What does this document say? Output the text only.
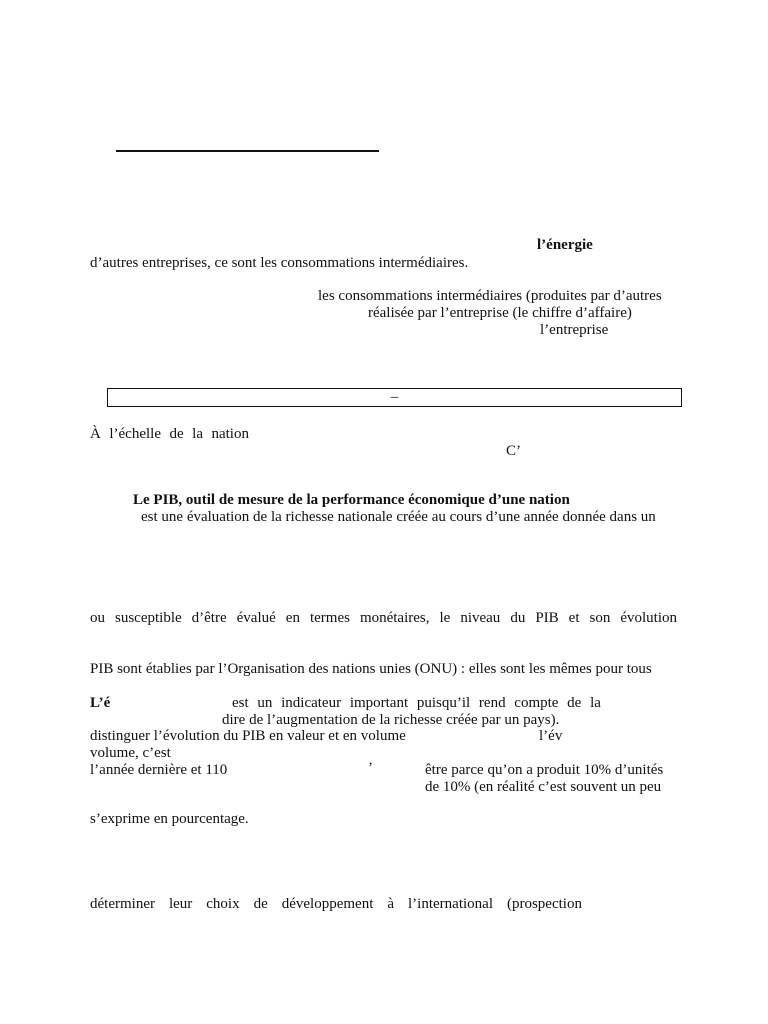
l’énergie
d’autres entreprises, ce sont les consommations intermédiaires.
les consommations intermédiaires (produites par d’autres
réalisée par l’entreprise (le chiffre d’affaire)
l’entreprise
–
À l’échelle de la nation
C’
Le PIB, outil de mesure de la performance économique d’une nation
est une évaluation de la richesse nationale créée au cours d’une année donnée dans un
ou susceptible d’être évalué en termes monétaires, le niveau du PIB et son évolution
PIB sont établies par l’Organisation des nations unies (ONU) : elles sont les mêmes pour tous
L’é	est un indicateur important puisqu’il rend compte de la
dire de l’augmentation de la richesse créée par un pays).
distinguer l’évolution du PIB en valeur et en volume	l’év
volume, c’est
l’année dernière et 110	’	être parce qu’on a produit 10% d’unités
de 10% (en réalité c’est souvent un peu
s’exprime en pourcentage.
déterminer leur choix de développement à l’international (prospection
